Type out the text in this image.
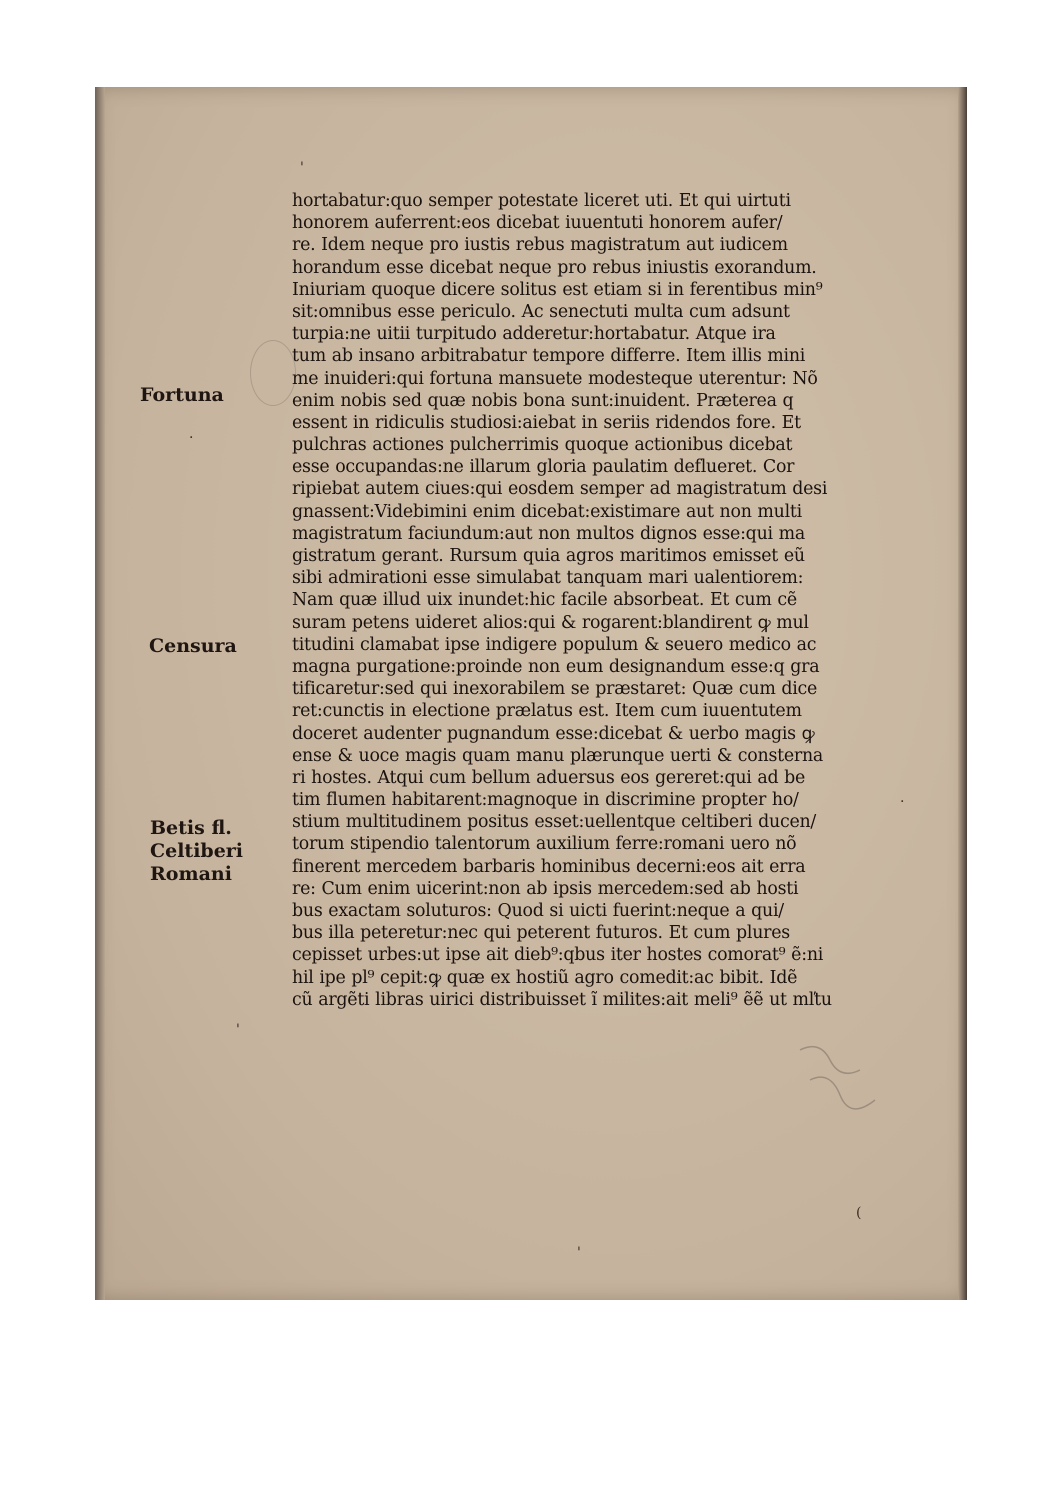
'
·
'
'
(
.
Fortuna
Censura
Betis fl.
Celtiberi
Romani
hortabatur:quo semper potestate liceret uti. Et qui uirtuti
honorem auferrent:eos dicebat iuuentuti honorem aufer/
re. Idem neque pro iustis rebus magistratum aut iudicem
horandum esse dicebat neque pro rebus iniustis exorandum.
Iniuriam quoque dicere solitus est etiam si in ferentibus min⁹
sit:omnibus esse periculo. Ac senectuti multa cum adsunt
turpia:ne uitii turpitudo adderetur:hortabatur. Atque ira
tum ab insano arbitrabatur tempore differre. Item illis mini
me inuideri:qui fortuna mansuete modesteque uterentur: Nõ
enim nobis sed quæ nobis bona sunt:inuident. Præterea q
essent in ridiculis studiosi:aiebat in seriis ridendos fore. Et
pulchras actiones pulcherrimis quoque actionibus dicebat
esse occupandas:ne illarum gloria paulatim deflueret. Cor
ripiebat autem ciues:qui eosdem semper ad magistratum desi
gnassent:Videbimini enim dicebat:existimare aut non multi
magistratum faciundum:aut non multos dignos esse:qui ma
gistratum gerant. Rursum quia agros maritimos emisset eũ
sibi admirationi esse simulabat tanquam mari ualentiorem:
Nam quæ illud uix inundet:hic facile absorbeat. Et cum cẽ
suram petens uideret alios:qui & rogarent:blandirent ꝙ mul
titudini clamabat ipse indigere populum & seuero medico ac
magna purgatione:proinde non eum designandum esse:q gra
tificaretur:sed qui inexorabilem se præstaret: Quæ cum dice
ret:cunctis in electione prælatus est. Item cum iuuentutem
doceret audenter pugnandum esse:dicebat & uerbo magis ꝙ
ense & uoce magis quam manu plærunque uerti & consterna
ri hostes. Atqui cum bellum aduersus eos gereret:qui ad be
tim flumen habitarent:magnoque in discrimine propter ho/
stium multitudinem positus esset:uellentque celtiberi ducen/
torum stipendio talentorum auxilium ferre:romani uero nõ
finerent mercedem barbaris hominibus decerni:eos ait erra
re: Cum enim uicerint:non ab ipsis mercedem:sed ab hosti
bus exactam soluturos: Quod si uicti fuerint:neque a qui/
bus illa peteretur:nec qui peterent futuros. Et cum plures
cepisset urbes:ut ipse ait dieb⁹:qbus iter hostes comorat⁹ ẽ:ni
hil ipe pl⁹ cepit:ꝙ quæ ex hostiũ agro comedit:ac bibit. Idẽ
cũ argẽti libras uirici distribuisset ĩ milites:ait meli⁹ ẽẽ ut mľtu
